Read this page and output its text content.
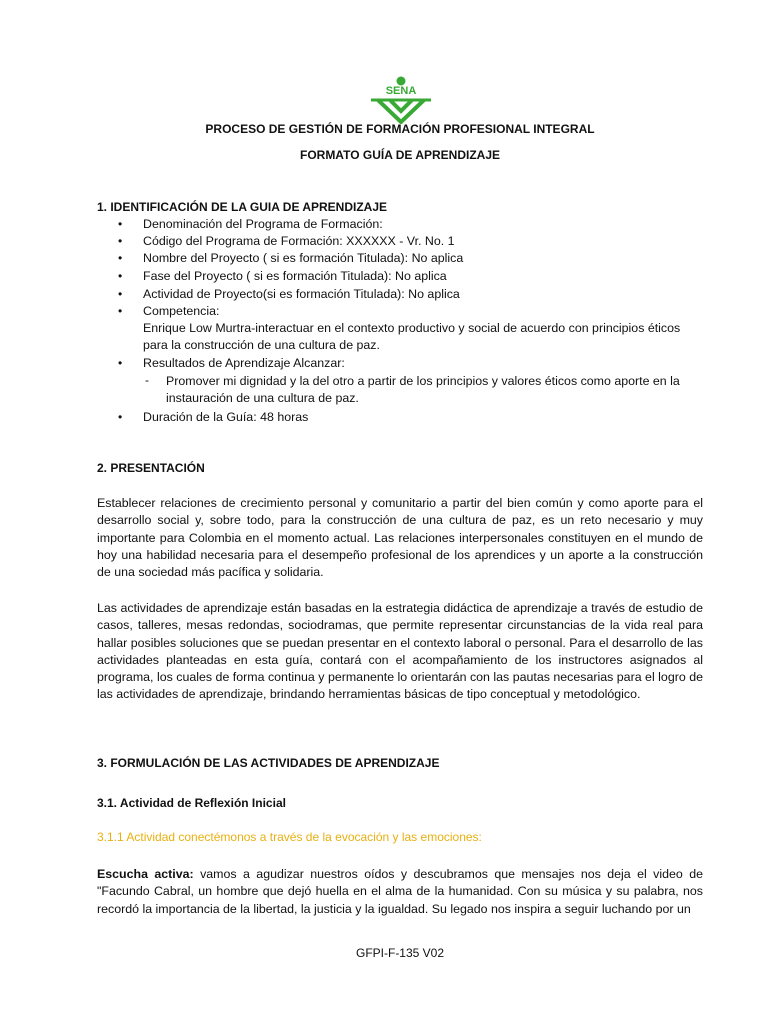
SENA
PROCESO DE GESTIÓN DE FORMACIÓN PROFESIONAL INTEGRAL
FORMATO GUÍA DE APRENDIZAJE
1. IDENTIFICACIÓN DE LA GUIA DE APRENDIZAJE
• Denominación del Programa de Formación:
• Código del Programa de Formación: XXXXXX - Vr. No. 1
• Nombre del Proyecto ( si es formación Titulada): No aplica
• Fase del Proyecto ( si es formación Titulada): No aplica
• Actividad de Proyecto(si es formación Titulada): No aplica
• Competencia:
Enrique Low Murtra-interactuar en el contexto productivo y social de acuerdo con principios éticos
para la construcción de una cultura de paz.
• Resultados de Aprendizaje Alcanzar:
- Promover mi dignidad y la del otro a partir de los principios y valores éticos como aporte en la
instauración de una cultura de paz.
• Duración de la Guía: 48 horas
2. PRESENTACIÓN
Establecer relaciones de crecimiento personal y comunitario a partir del bien común y como aporte para el desarrollo social y, sobre todo, para la construcción de una cultura de paz, es un reto necesario y muy importante para Colombia en el momento actual. Las relaciones interpersonales constituyen en el mundo de hoy una habilidad necesaria para el desempeño profesional de los aprendices y un aporte a la construcción de una sociedad más pacífica y solidaria.
Las actividades de aprendizaje están basadas en la estrategia didáctica de aprendizaje a través de estudio de casos, talleres, mesas redondas, sociodramas, que permite representar circunstancias de la vida real para hallar posibles soluciones que se puedan presentar en el contexto laboral o personal. Para el desarrollo de las actividades planteadas en esta guía, contará con el acompañamiento de los instructores asignados al programa, los cuales de forma continua y permanente lo orientarán con las pautas necesarias para el logro de las actividades de aprendizaje, brindando herramientas básicas de tipo conceptual y metodológico.
3. FORMULACIÓN DE LAS ACTIVIDADES DE APRENDIZAJE
3.1. Actividad de Reflexión Inicial
3.1.1 Actividad conectémonos a través de la evocación y las emociones:
Escucha activa: vamos a agudizar nuestros oídos y descubramos que mensajes nos deja el video de "Facundo Cabral, un hombre que dejó huella en el alma de la humanidad. Con su música y su palabra, nos recordó la importancia de la libertad, la justicia y la igualdad. Su legado nos inspira a seguir luchando por un
GFPI-F-135 V02
